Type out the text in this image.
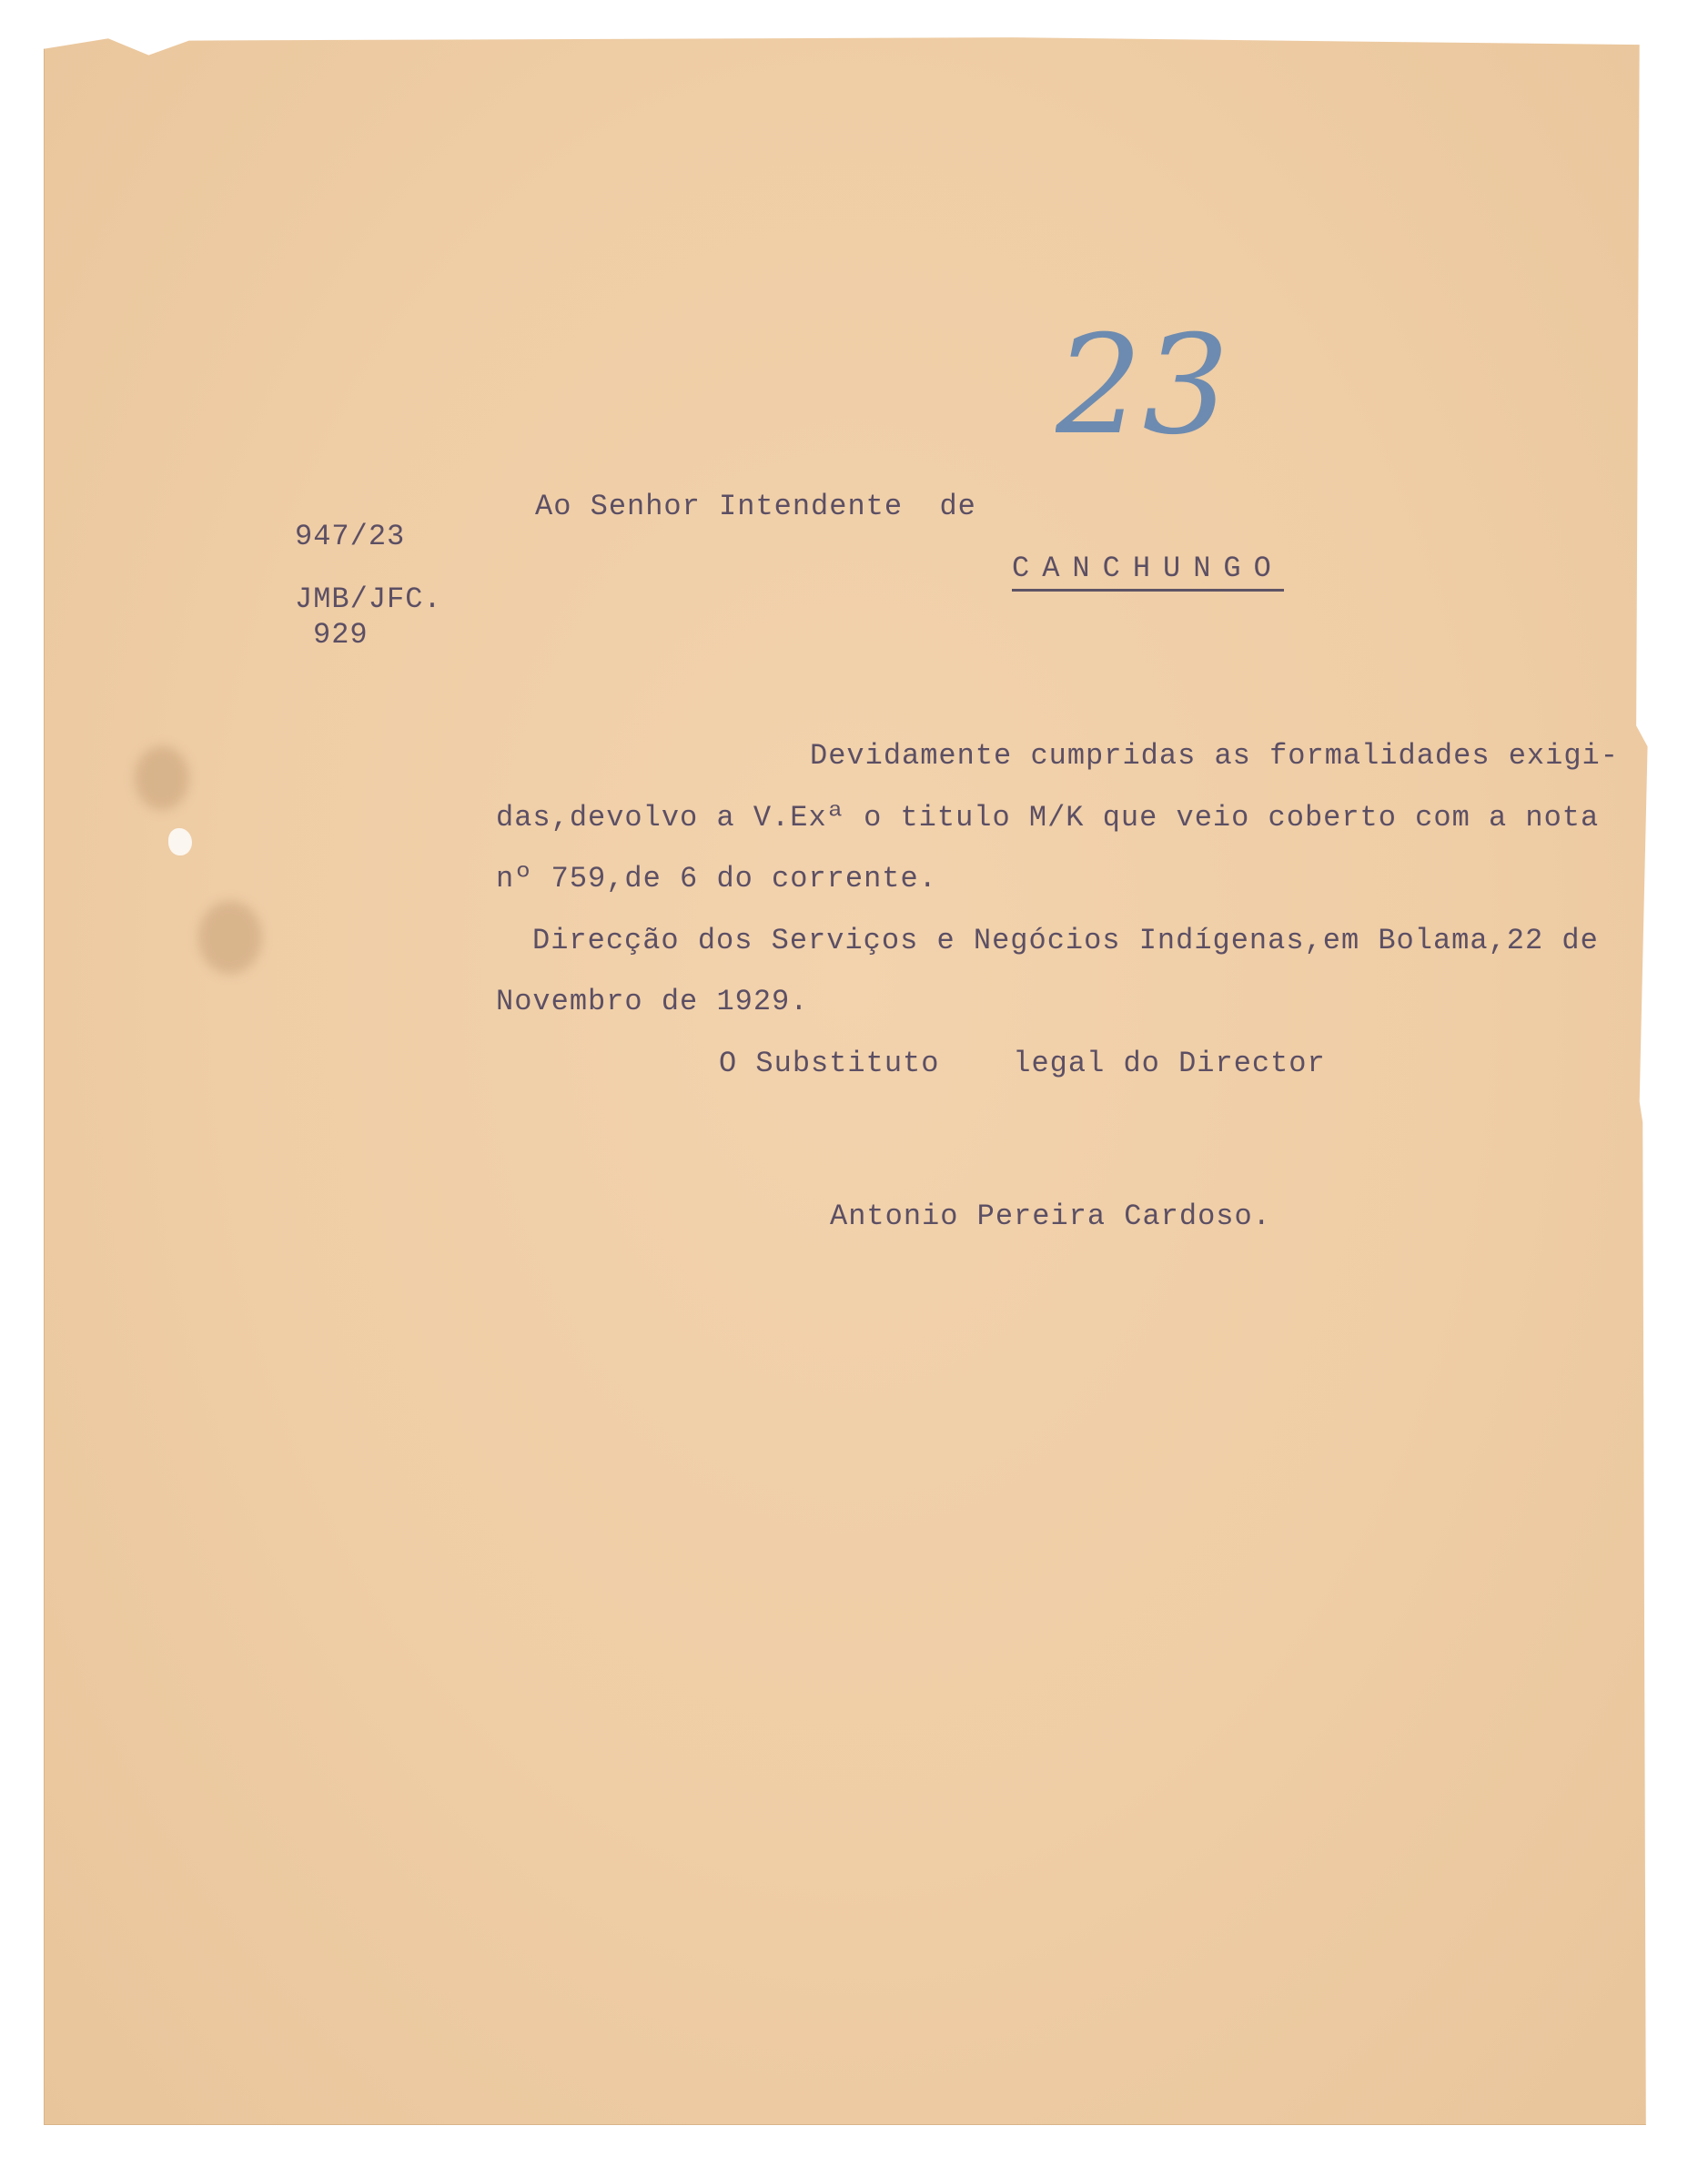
23

947/23

929

JMB/JFC.
Ao Senhor Intendente  de
CANCHUNGO
Devidamente cumpridas as formalidades exigi-
das,devolvo a V.Exª o titulo M/K que veio coberto com a nota
nº 759,de 6 do corrente.
Direcção dos Serviços e Negócios Indígenas,em Bolama,22 de
Novembro de 1929.
O Substituto    legal do Director
Antonio Pereira Cardoso.
